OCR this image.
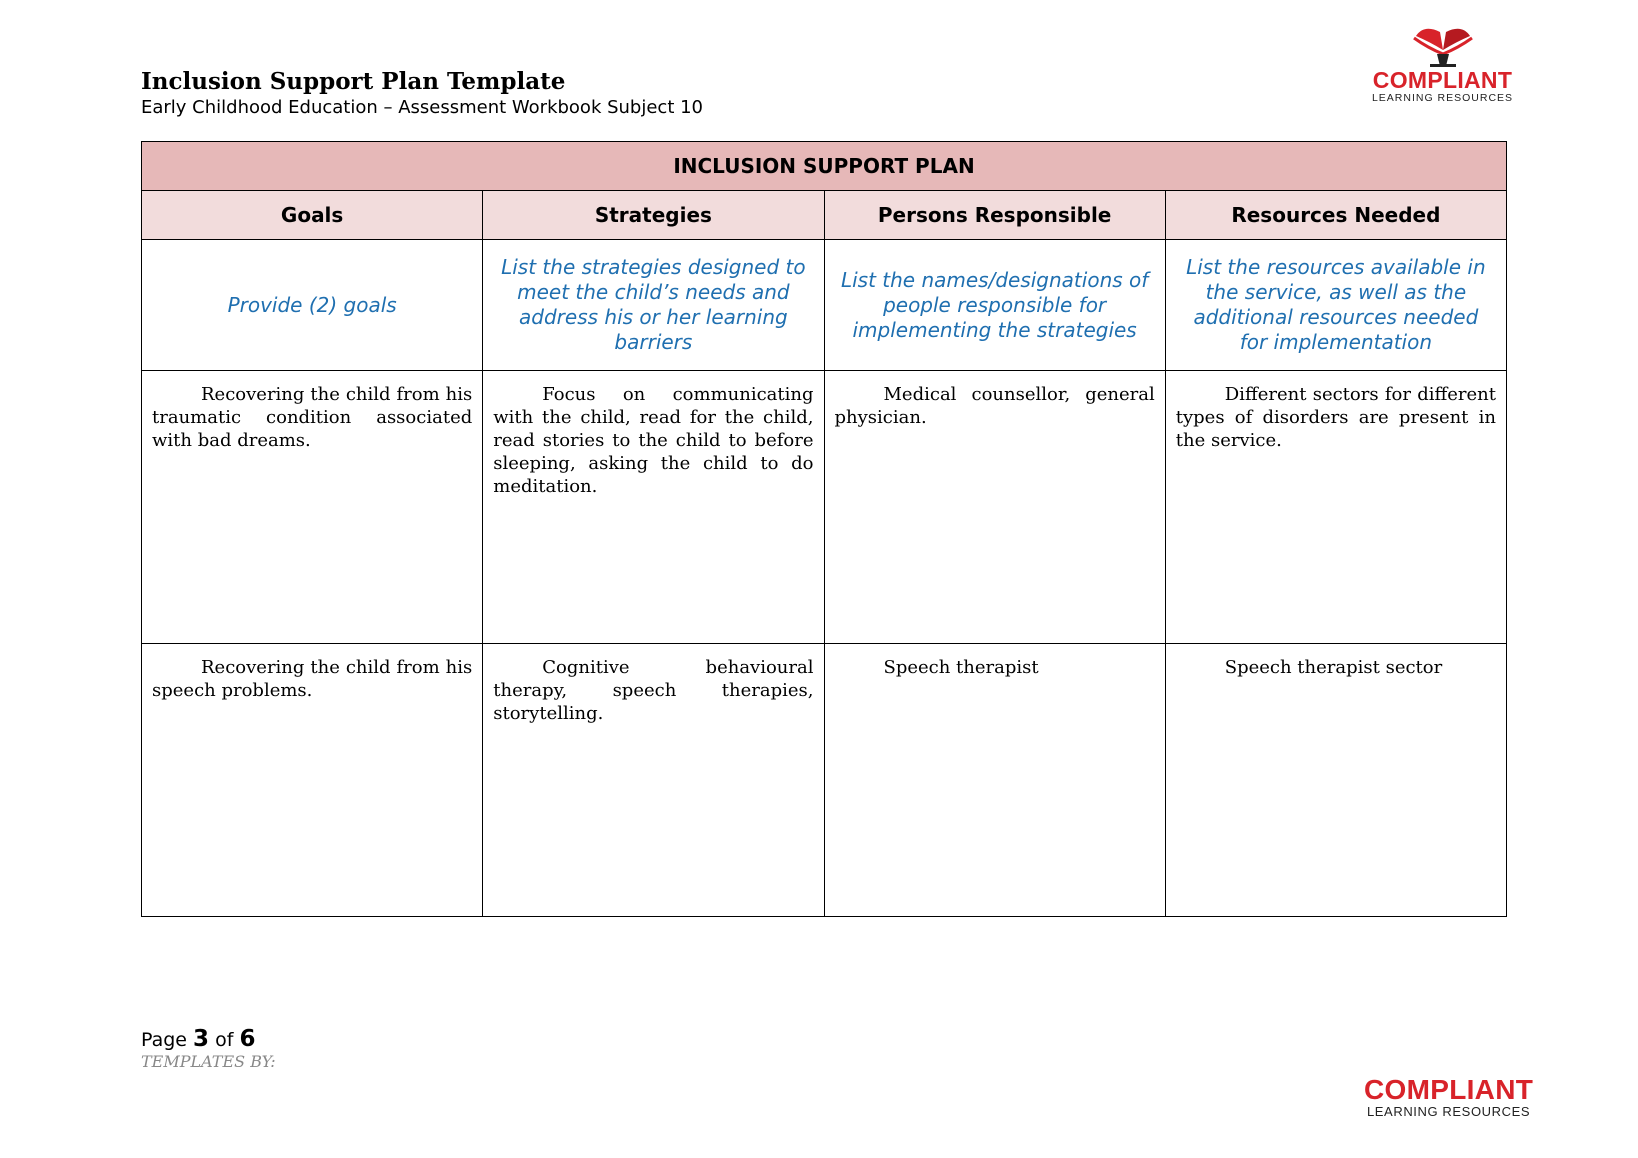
Inclusion Support Plan Template
Early Childhood Education – Assessment Workbook Subject 10
COMPLIANT
LEARNING RESOURCES
INCLUSION SUPPORT PLAN			
Goals	Strategies	Persons Responsible	Resources Needed
Provide (2) goals	List the strategies designed to meet the child’s needs and address his or her learning barriers	List the names/designations of people responsible for implementing the strategies	List the resources available in the service, as well as the additional resources needed for implementation
Recovering the child from his traumatic condition associated with bad dreams.	Focus on communicating with the child, read for the child, read stories to the child to before sleeping, asking the child to do meditation.	Medical counsellor, general physician.	Different sectors for different types of disorders are present in the service.
Recovering the child from his speech problems.	Cognitive behavioural therapy, speech therapies, storytelling.	Speech therapist	Speech therapist sector
Page 3 of 6
TEMPLATES BY:
COMPLIANT
LEARNING RESOURCES
